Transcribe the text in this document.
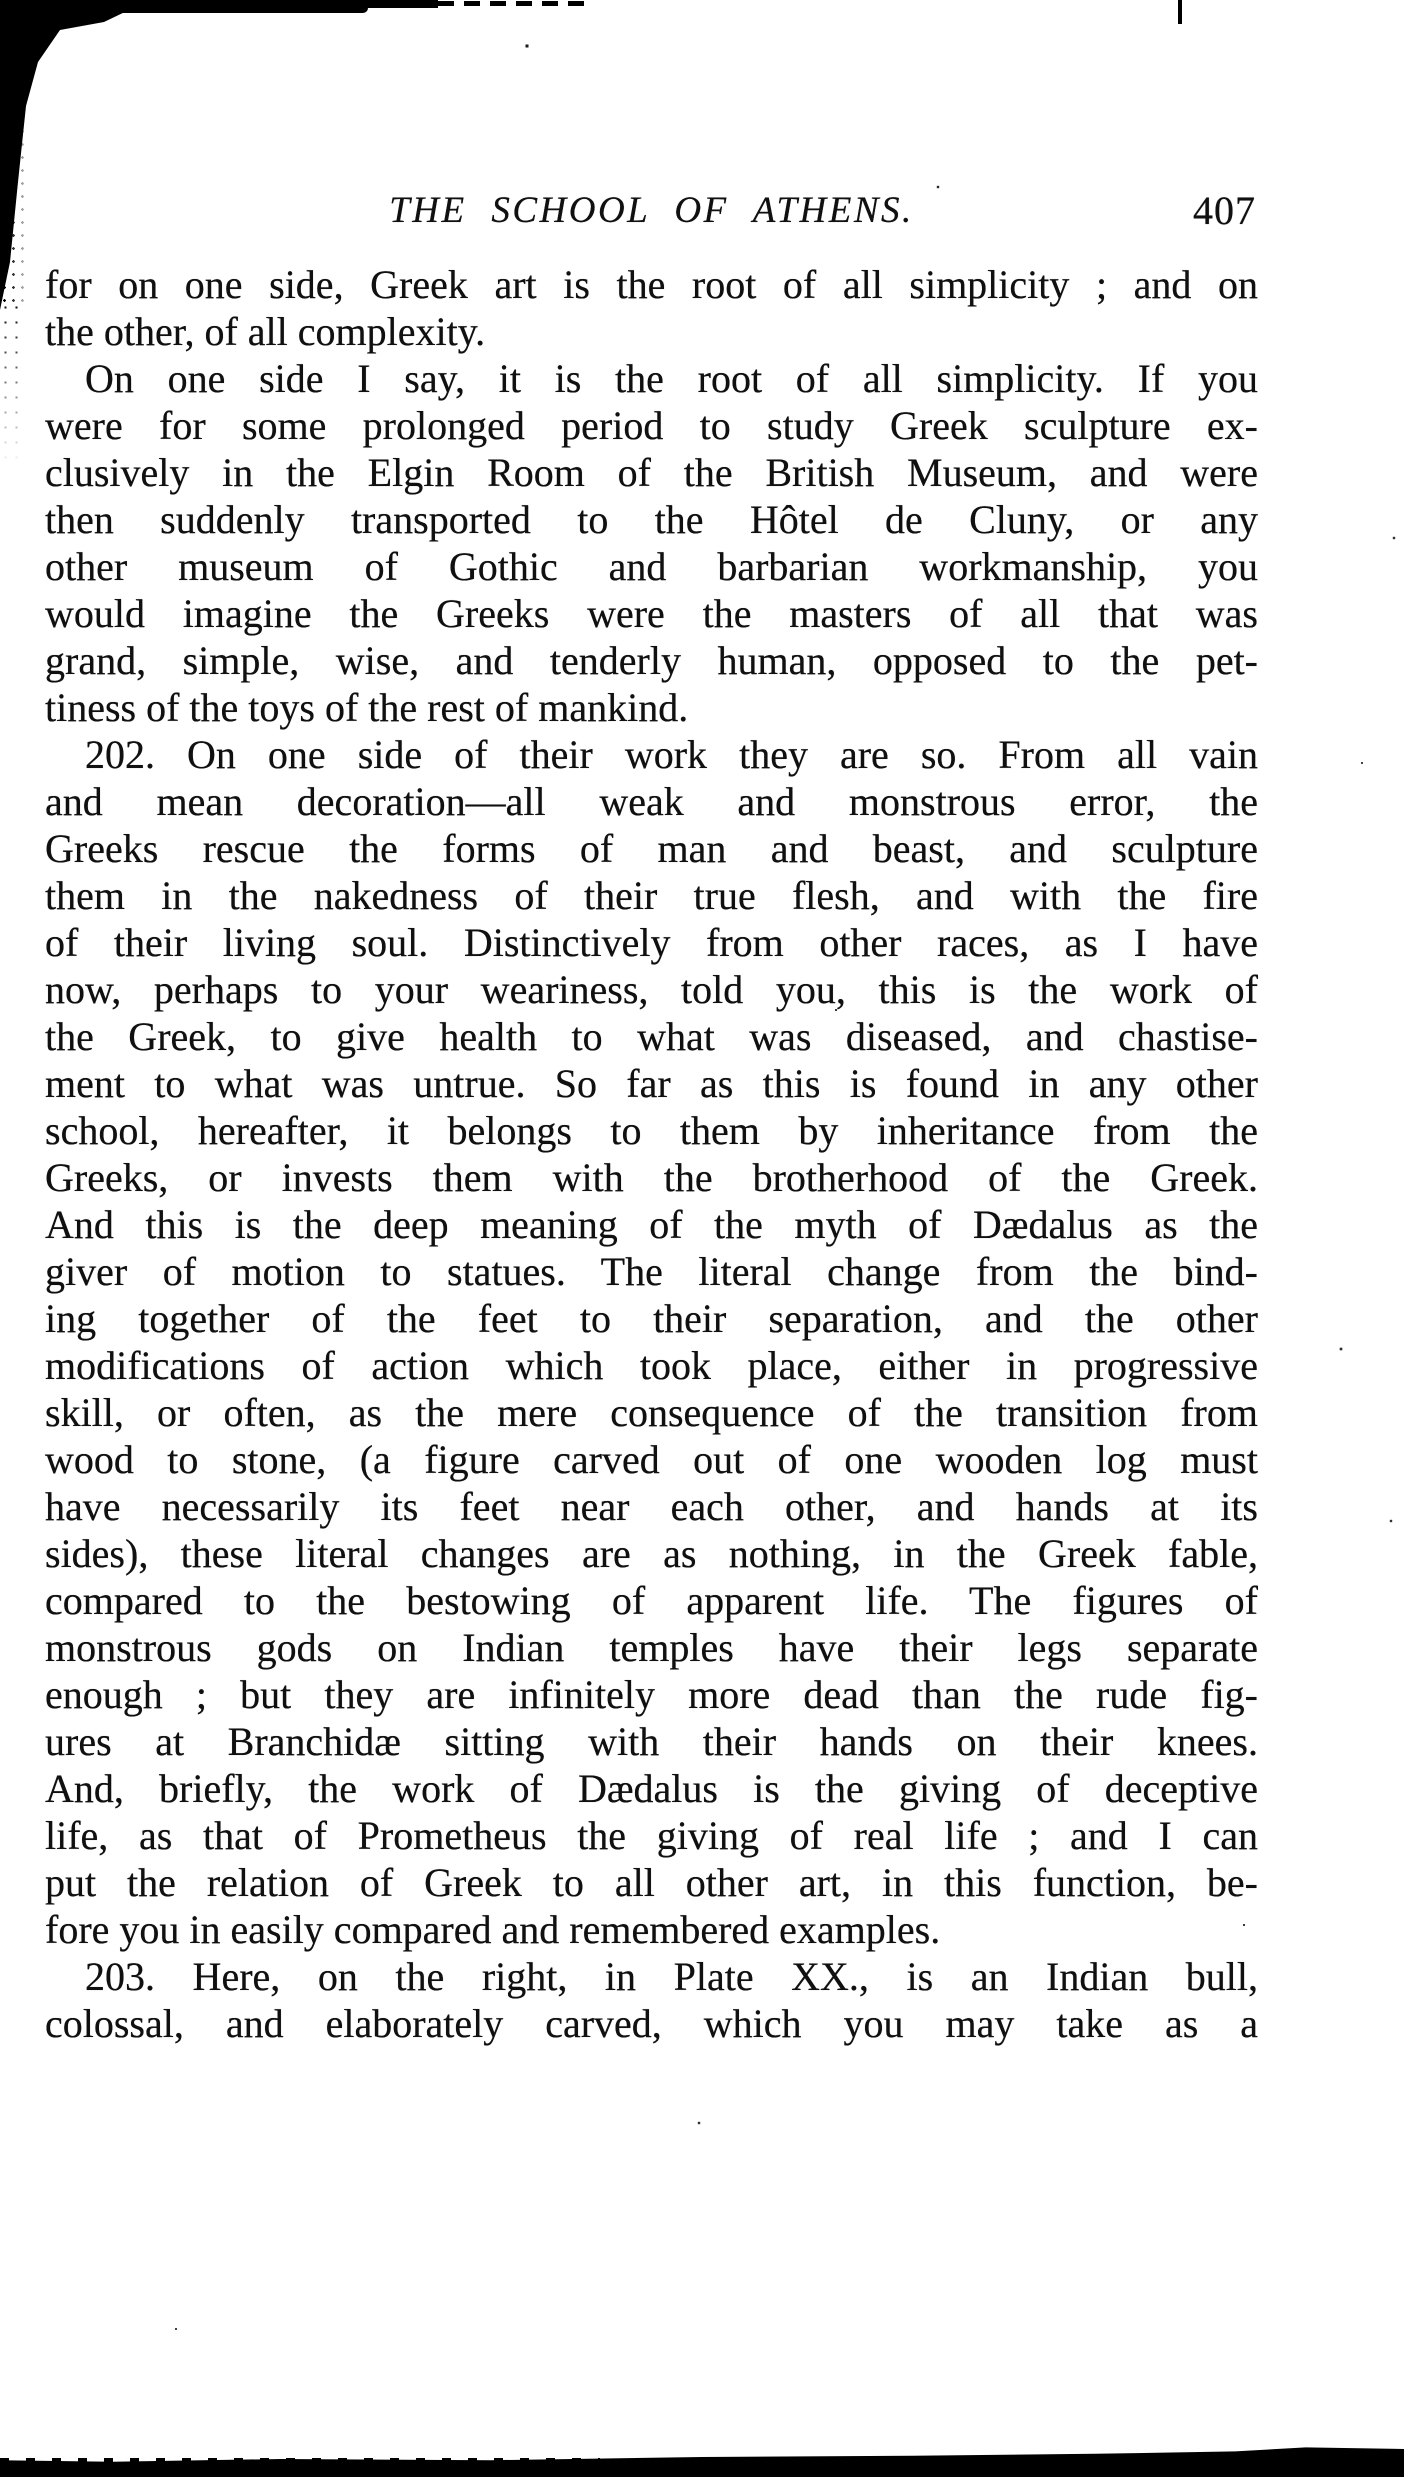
THE SCHOOL OF ATHENS.	407
for on one side, Greek art is the root of all simplicity ; and on
the other, of all complexity.
On one side I say, it is the root of all simplicity. If you
were for some prolonged period to study Greek sculpture ex-
clusively in the Elgin Room of the British Museum, and were
then suddenly transported to the Hôtel de Cluny, or any
other museum of Gothic and barbarian workmanship, you
would imagine the Greeks were the masters of all that was
grand, simple, wise, and tenderly human, opposed to the pet-
tiness of the toys of the rest of mankind.
202. On one side of their work they are so. From all vain
and mean decoration—all weak and monstrous error, the
Greeks rescue the forms of man and beast, and sculpture
them in the nakedness of their true flesh, and with the fire
of their living soul. Distinctively from other races, as I have
now, perhaps to your weariness, told you, this is the work of
the Greek, to give health to what was diseased, and chastise-
ment to what was untrue. So far as this is found in any other
school, hereafter, it belongs to them by inheritance from the
Greeks, or invests them with the brotherhood of the Greek.
And this is the deep meaning of the myth of Dædalus as the
giver of motion to statues. The literal change from the bind-
ing together of the feet to their separation, and the other
modifications of action which took place, either in progressive
skill, or often, as the mere consequence of the transition from
wood to stone, (a figure carved out of one wooden log must
have necessarily its feet near each other, and hands at its
sides), these literal changes are as nothing, in the Greek fable,
compared to the bestowing of apparent life. The figures of
monstrous gods on Indian temples have their legs separate
enough ; but they are infinitely more dead than the rude fig-
ures at Branchidæ sitting with their hands on their knees.
And, briefly, the work of Dædalus is the giving of deceptive
life, as that of Prometheus the giving of real life ; and I can
put the relation of Greek to all other art, in this function, be-
fore you in easily compared and remembered examples.
203. Here, on the right, in Plate XX., is an Indian bull,
colossal, and elaborately carved, which you may take as a
